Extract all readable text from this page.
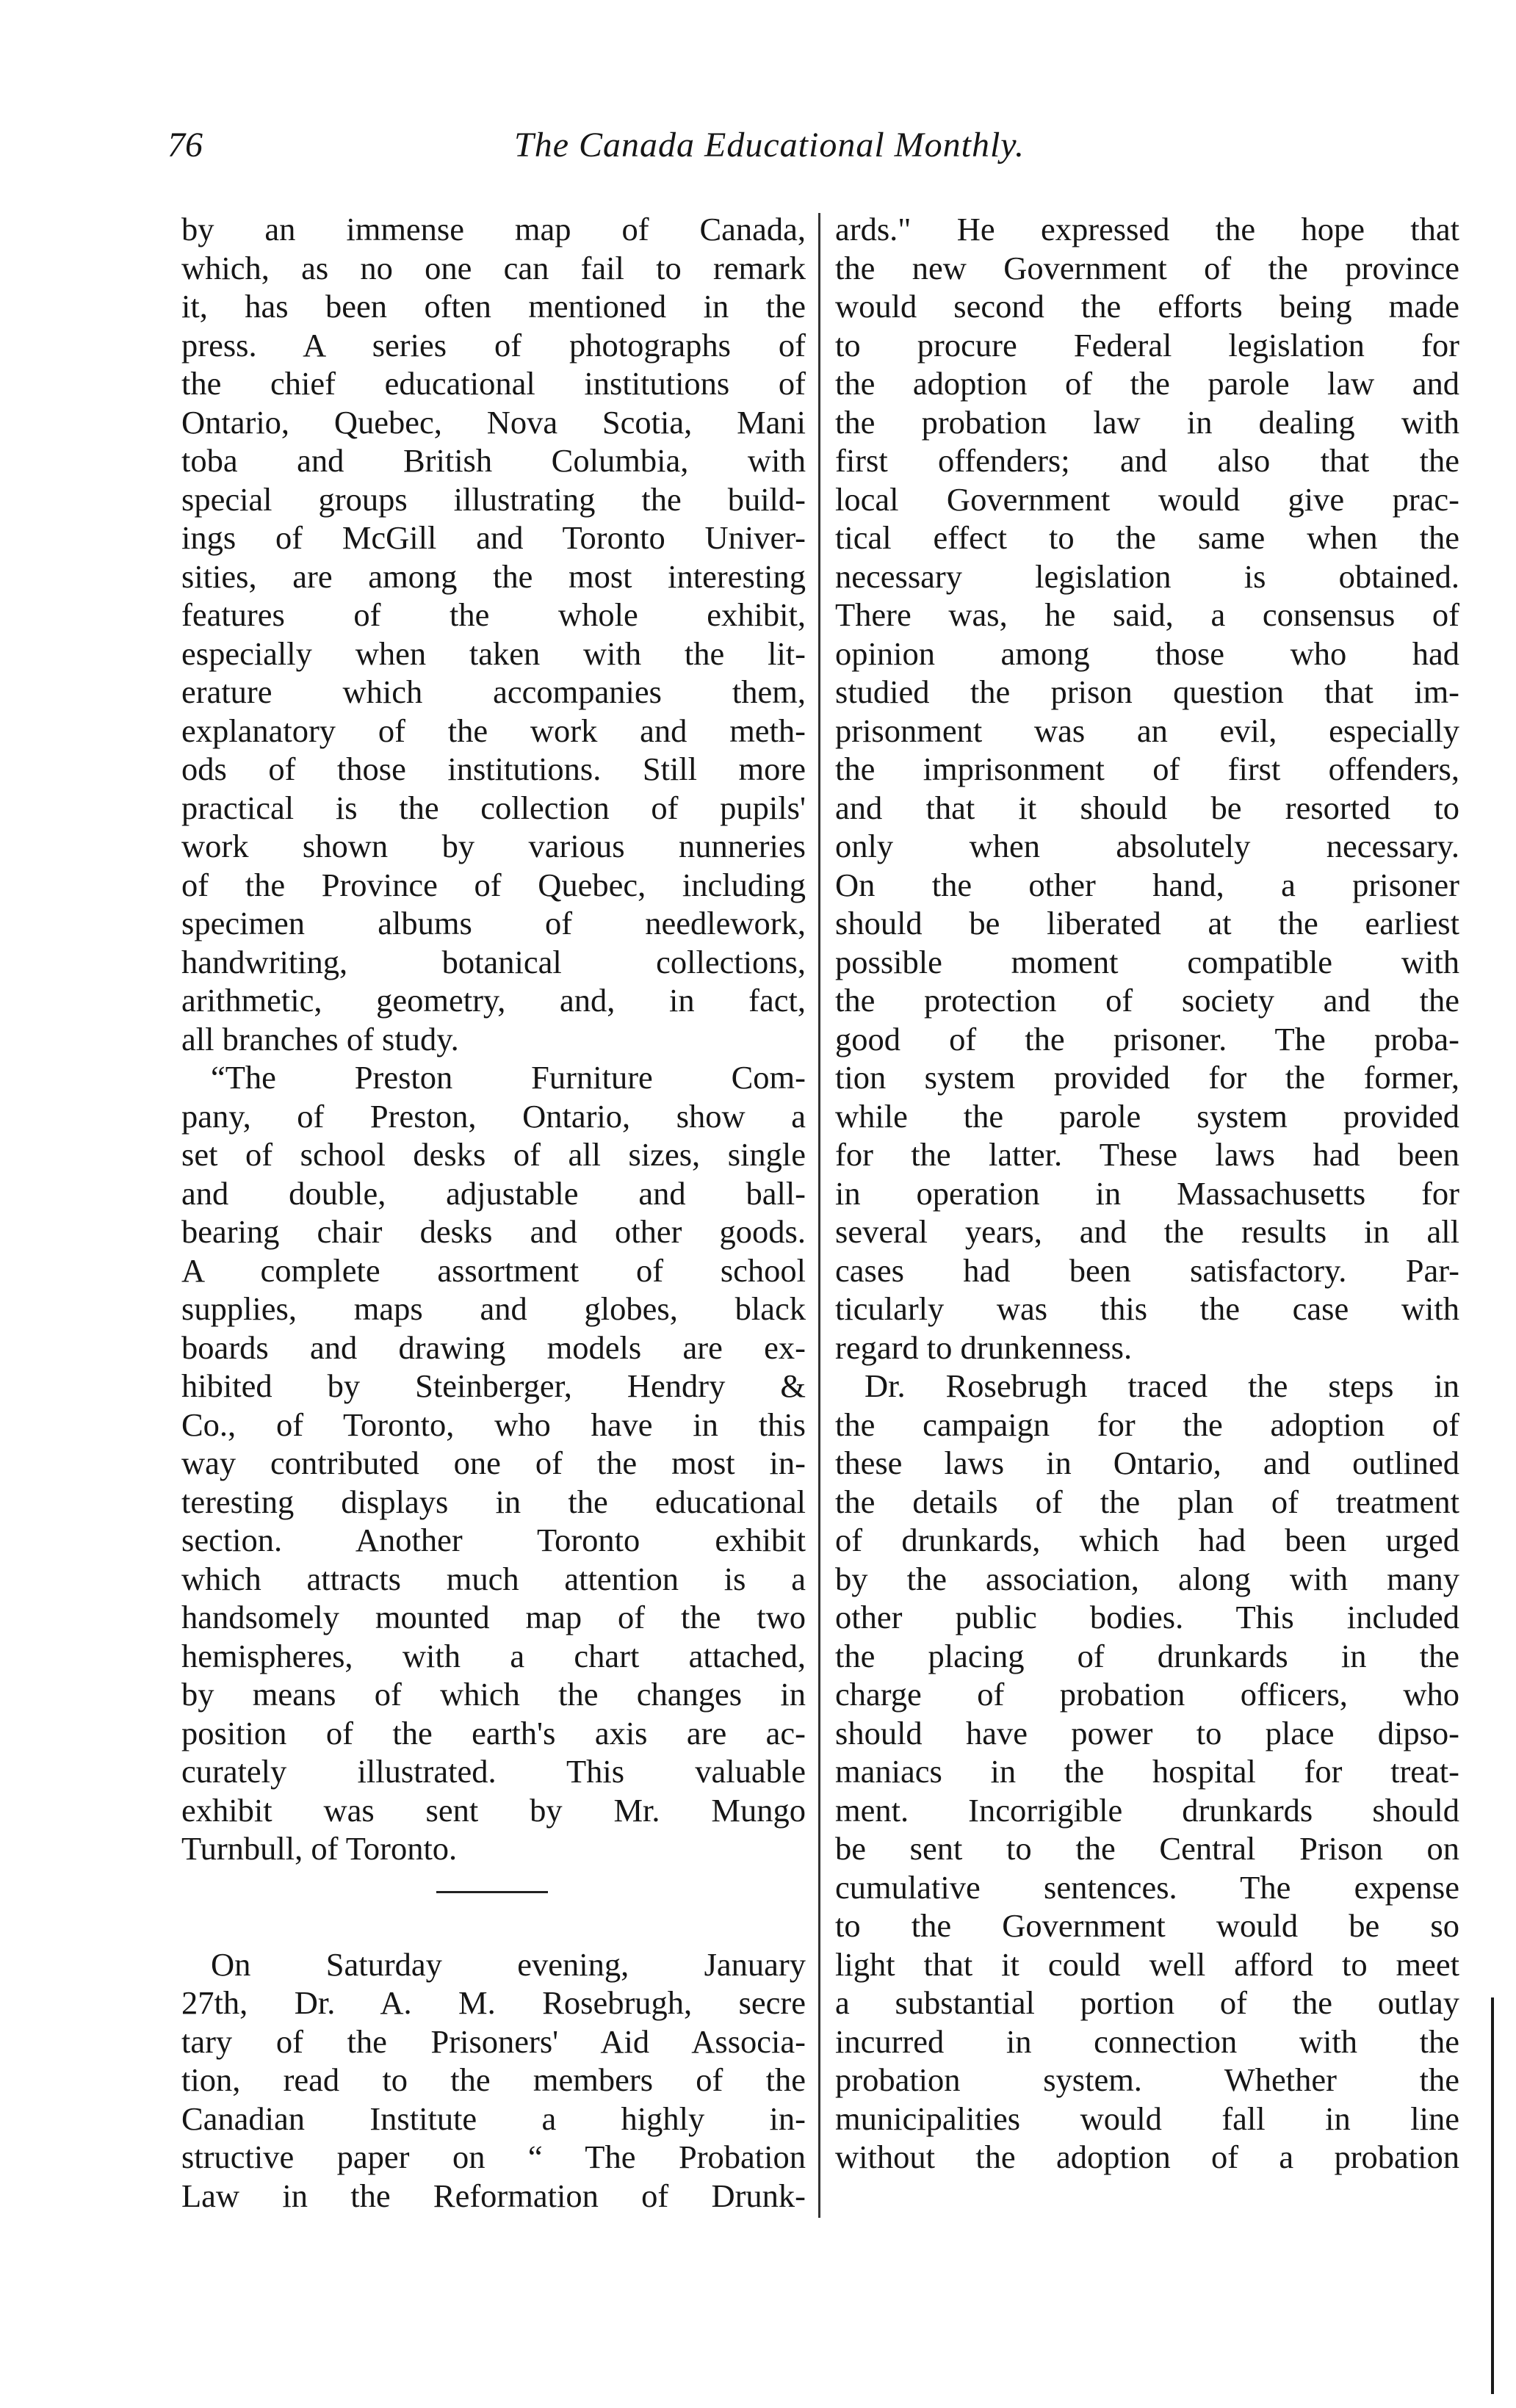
76	The Canada Educational Monthly.
by an immense map of Canada,
which, as no one can fail to remark
it, has been often mentioned in the
press. A series of photographs of
the chief educational institutions of
Ontario, Quebec, Nova Scotia, Mani
toba and British Columbia, with
special groups illustrating the build-
ings of McGill and Toronto Univer-
sities, are among the most interesting
features of the whole exhibit,
especially when taken with the lit-
erature which accompanies them,
explanatory of the work and meth-
ods of those institutions. Still more
practical is the collection of pupils'
work shown by various nunneries
of the Province of Quebec, including
specimen albums of needlework,
handwriting, botanical collections,
arithmetic, geometry, and, in fact,
all branches of study.
“The Preston Furniture Com-
pany, of Preston, Ontario, show a
set of school desks of all sizes, single
and double, adjustable and ball-
bearing chair desks and other goods.
A complete assortment of school
supplies, maps and globes, black
boards and drawing models are ex-
hibited by Steinberger, Hendry &
Co., of Toronto, who have in this
way contributed one of the most in-
teresting displays in the educational
section. Another Toronto exhibit
which attracts much attention is a
handsomely mounted map of the two
hemispheres, with a chart attached,
by means of which the changes in
position of the earth's axis are ac-
curately illustrated. This valuable
exhibit was sent by Mr. Mungo
Turnbull, of Toronto.
On Saturday evening, January
27th, Dr. A. M. Rosebrugh, secre
tary of the Prisoners' Aid Associa-
tion, read to the members of the
Canadian Institute a highly in-
structive paper on “ The Probation
Law in the Reformation of Drunk-
ards." He expressed the hope that
the new Government of the province
would second the efforts being made
to procure Federal legislation for
the adoption of the parole law and
the probation law in dealing with
first offenders; and also that the
local Government would give prac-
tical effect to the same when the
necessary legislation is obtained.
There was, he said, a consensus of
opinion among those who had
studied the prison question that im-
prisonment was an evil, especially
the imprisonment of first offenders,
and that it should be resorted to
only when absolutely necessary.
On the other hand, a prisoner
should be liberated at the earliest
possible moment compatible with
the protection of society and the
good of the prisoner. The proba-
tion system provided for the former,
while the parole system provided
for the latter. These laws had been
in operation in Massachusetts for
several years, and the results in all
cases had been satisfactory. Par-
ticularly was this the case with
regard to drunkenness.
Dr. Rosebrugh traced the steps in
the campaign for the adoption of
these laws in Ontario, and outlined
the details of the plan of treatment
of drunkards, which had been urged
by the association, along with many
other public bodies. This included
the placing of drunkards in the
charge of probation officers, who
should have power to place dipso-
maniacs in the hospital for treat-
ment. Incorrigible drunkards should
be sent to the Central Prison on
cumulative sentences. The expense
to the Government would be so
light that it could well afford to meet
a substantial portion of the outlay
incurred in connection with the
probation system. Whether the
municipalities would fall in line
without the adoption of a probation
